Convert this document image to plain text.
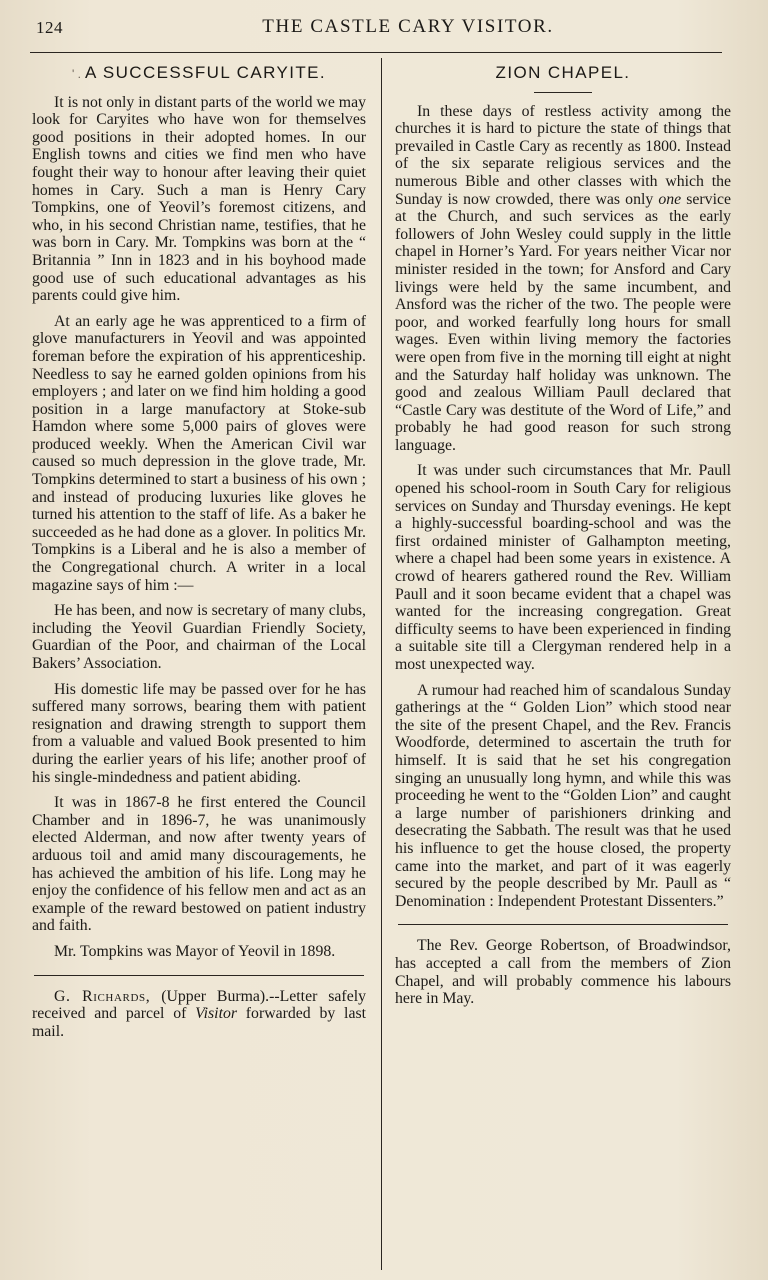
124	THE CASTLE CARY VISITOR.
' . A SUCCESSFUL CARYITE.

It is not only in distant parts of the world we may look for Caryites who have won for themselves good positions in their adopted homes. In our English towns and cities we find men who have fought their way to honour after leaving their quiet homes in Cary. Such a man is Henry Cary Tompkins, one of Yeovil’s foremost citizens, and who, in his second Christian name, testifies, that he was born in Cary. Mr. Tompkins was born at the “ Britannia ” Inn in 1823 and in his boyhood made good use of such educational advantages as his parents could give him.

At an early age he was apprenticed to a firm of glove manufacturers in Yeovil and was appointed foreman before the expiration of his apprenticeship. Needless to say he earned golden opinions from his employers ; and later on we find him holding a good position in a large manufactory at Stoke-sub Hamdon where some 5,000 pairs of gloves were produced weekly. When the American Civil war caused so much depression in the glove trade, Mr. Tompkins determined to start a business of his own ; and instead of producing luxuries like gloves he turned his attention to the staff of life. As a baker he succeeded as he had done as a glover. In politics Mr. Tompkins is a Liberal and he is also a member of the Congregational church. A writer in a local magazine says of him :—

He has been, and now is secretary of many clubs, including the Yeovil Guardian Friendly Society, Guardian of the Poor, and chairman of the Local Bakers’ Association.

His domestic life may be passed over for he has suffered many sorrows, bearing them with patient resignation and drawing strength to support them from a valuable and valued Book presented to him during the earlier years of his life; another proof of his single-mindedness and patient abiding.

It was in 1867-8 he first entered the Council Chamber and in 1896-7, he was unanimously elected Alderman, and now after twenty years of arduous toil and amid many discouragements, he has achieved the ambition of his life. Long may he enjoy the confidence of his fellow men and act as an example of the reward bestowed on patient industry and faith.

Mr. Tompkins was Mayor of Yeovil in 1898.

G. Richards, (Upper Burma).--Letter safely received and parcel of Visitor forwarded by last mail.

ZION CHAPEL.

In these days of restless activity among the churches it is hard to picture the state of things that prevailed in Castle Cary as recently as 1800. Instead of the six separate religious services and the numerous Bible and other classes with which the Sunday is now crowded, there was only one service at the Church, and such services as the early followers of John Wesley could supply in the little chapel in Horner’s Yard. For years neither Vicar nor minister resided in the town; for Ansford and Cary livings were held by the same incumbent, and Ansford was the richer of the two. The people were poor, and worked fearfully long hours for small wages. Even within living memory the factories were open from five in the morning till eight at night and the Saturday half holiday was unknown. The good and zealous William Paull declared that “Castle Cary was destitute of the Word of Life,” and probably he had good reason for such strong language.

It was under such circumstances that Mr. Paull opened his school-room in South Cary for religious services on Sunday and Thursday evenings. He kept a highly-successful boarding-school and was the first ordained minister of Galhampton meeting, where a chapel had been some years in existence. A crowd of hearers gathered round the Rev. William Paull and it soon became evident that a chapel was wanted for the increasing congregation. Great difficulty seems to have been experienced in finding a suitable site till a Clergyman rendered help in a most unexpected way.

A rumour had reached him of scandalous Sunday gatherings at the “ Golden Lion” which stood near the site of the present Chapel, and the Rev. Francis Woodforde, determined to ascertain the truth for himself. It is said that he set his congregation singing an unusually long hymn, and while this was proceeding he went to the “Golden Lion” and caught a large number of parishioners drinking and desecrating the Sabbath. The result was that he used his influence to get the house closed, the property came into the market, and part of it was eagerly secured by the people described by Mr. Paull as “ Denomination : Independent Protestant Dissenters.”

The Rev. George Robertson, of Broadwindsor, has accepted a call from the members of Zion Chapel, and will probably commence his labours here in May.
